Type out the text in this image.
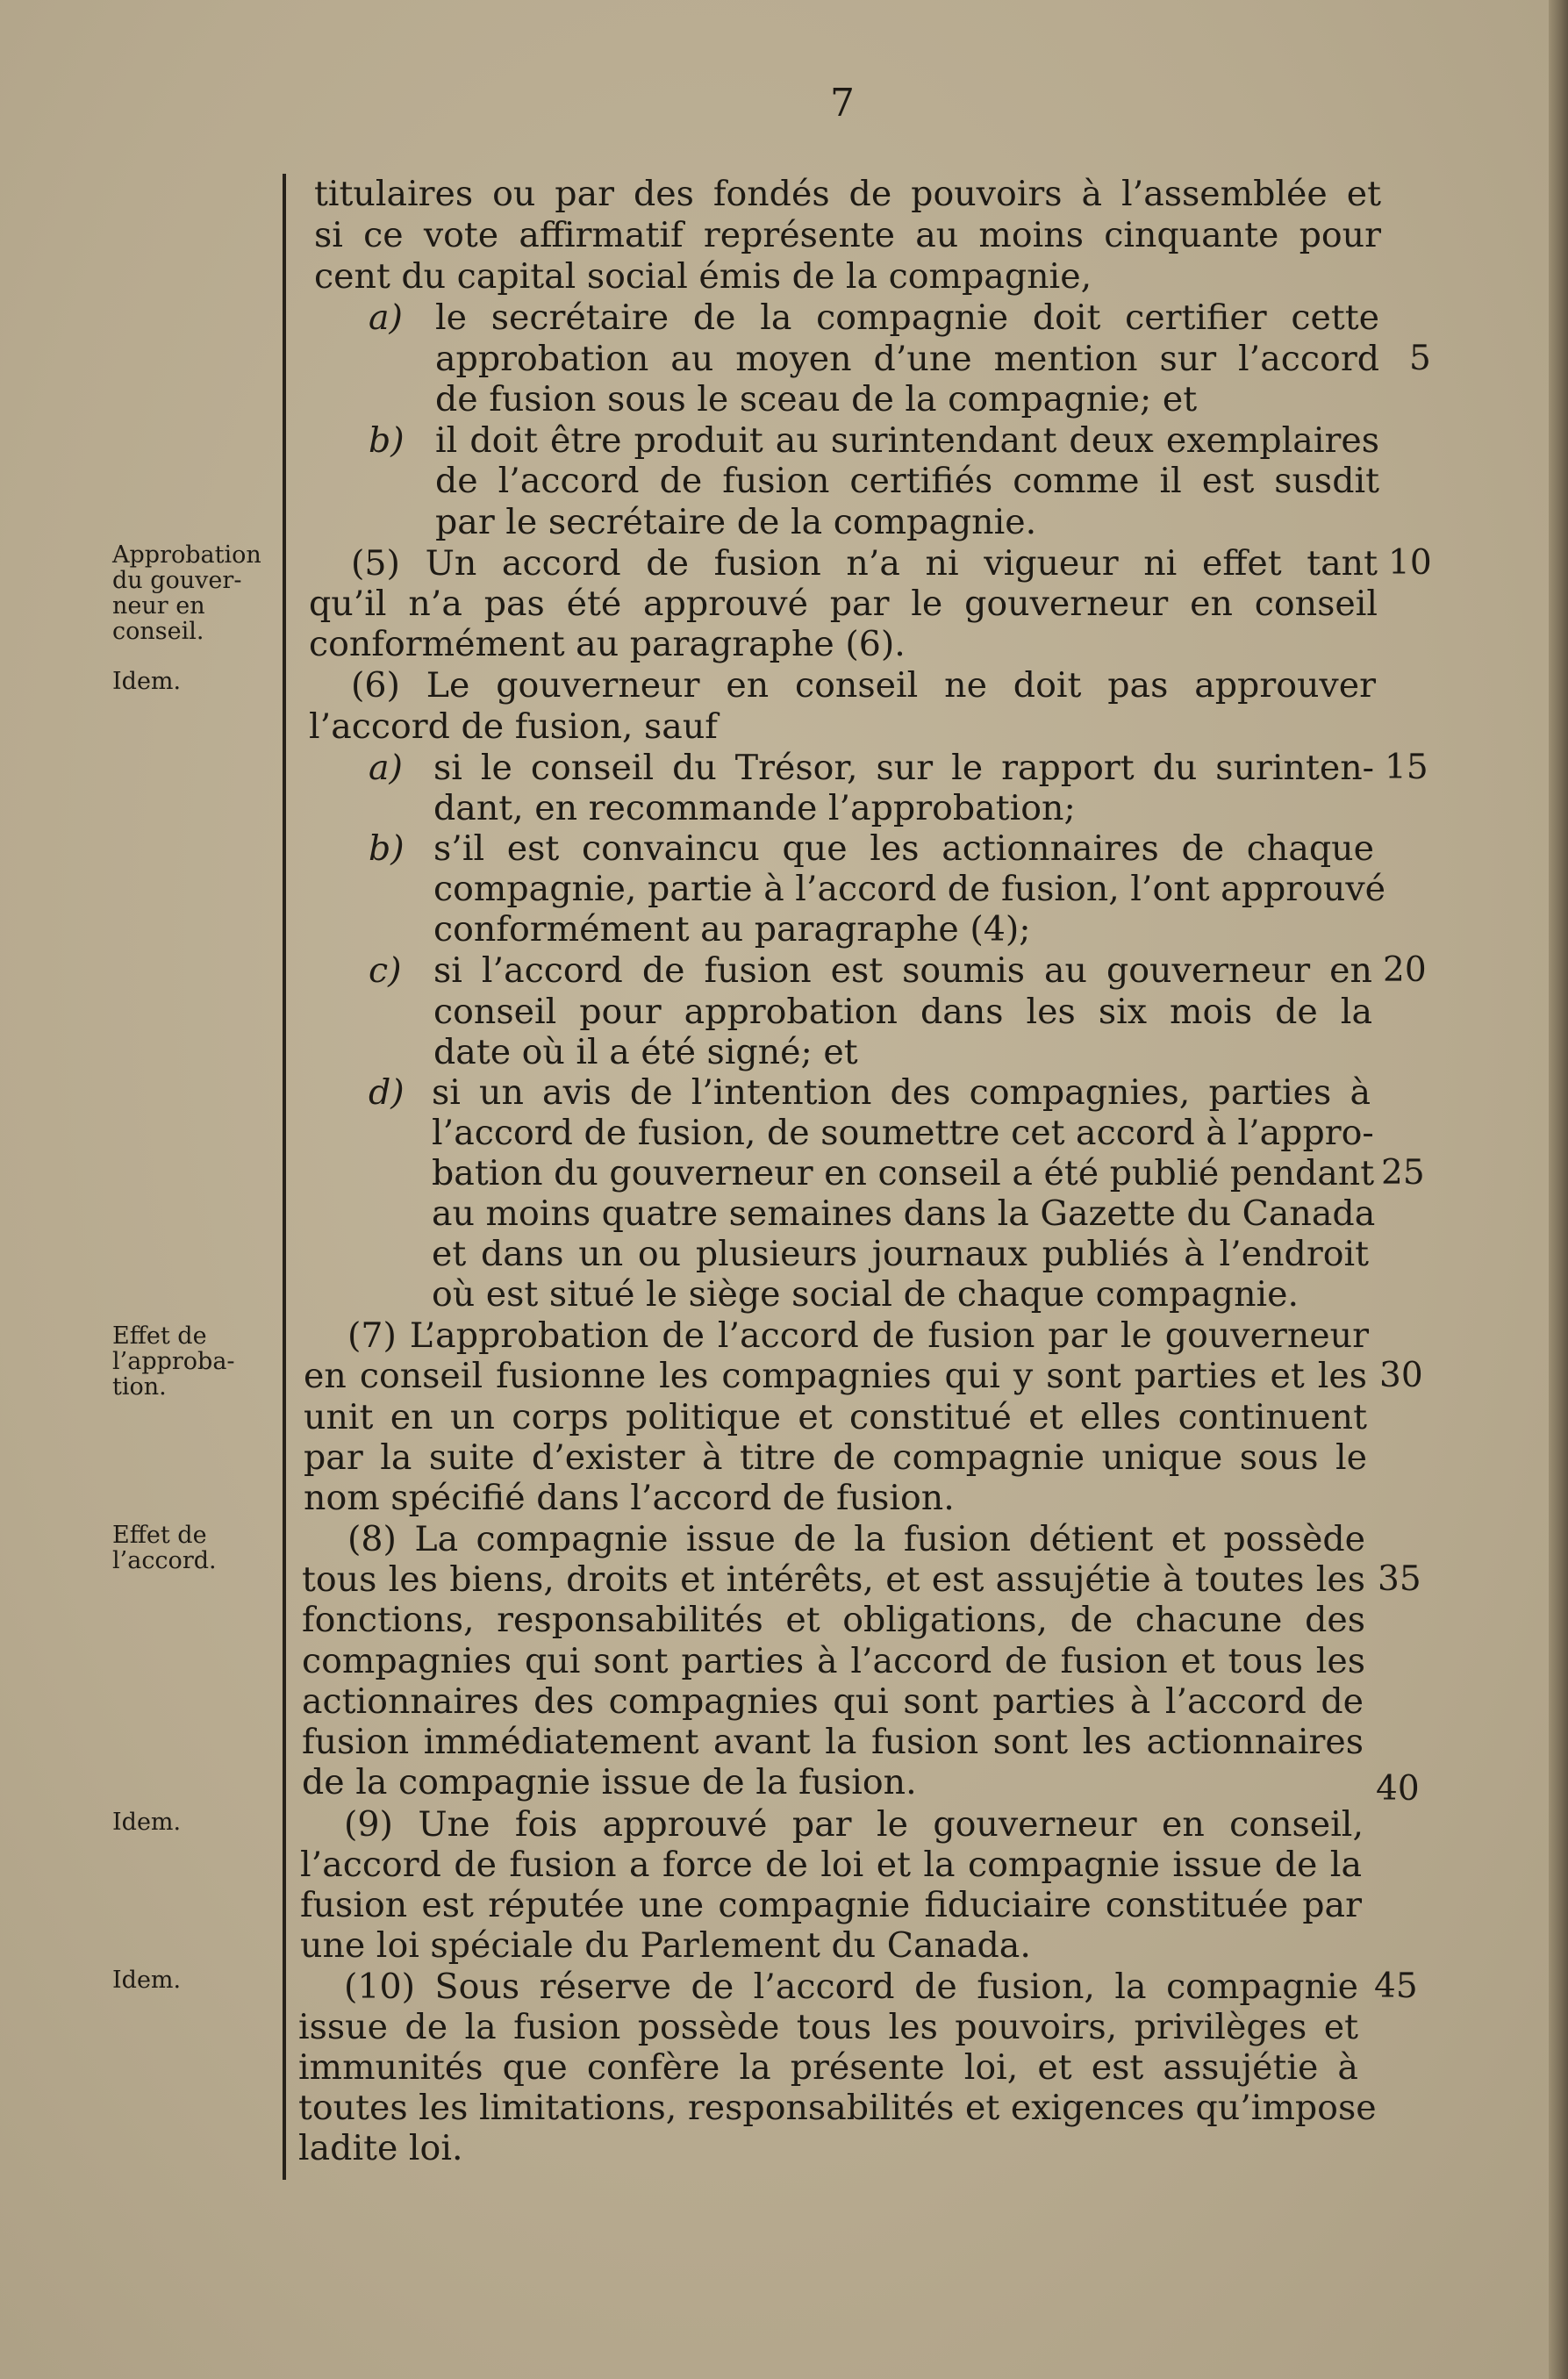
7
Approbation
du gouver-
neur en
conseil.
Idem.
Effet de
l’approba-
tion.
Effet de
l’accord.
Idem.
Idem.
titulaires ou par des fondés de pouvoirs à l’assemblée et
si ce vote affirmatif représente au moins cinquante pour
cent du capital social émis de la compagnie,
a) le secrétaire de la compagnie doit certifier cette
approbation au moyen d’une mention sur l’accord
de fusion sous le sceau de la compagnie; et
b) il doit être produit au surintendant deux exemplaires
de l’accord de fusion certifiés comme il est susdit
par le secrétaire de la compagnie.
(5) Un accord de fusion n’a ni vigueur ni effet tant
qu’il n’a pas été approuvé par le gouverneur en conseil
conformément au paragraphe (6).
(6) Le gouverneur en conseil ne doit pas approuver
l’accord de fusion, sauf
a) si le conseil du Trésor, sur le rapport du surinten-
dant, en recommande l’approbation;
b) s’il est convaincu que les actionnaires de chaque
compagnie, partie à l’accord de fusion, l’ont approuvé
conformément au paragraphe (4);
c) si l’accord de fusion est soumis au gouverneur en
conseil pour approbation dans les six mois de la
date où il a été signé; et
d) si un avis de l’intention des compagnies, parties à
l’accord de fusion, de soumettre cet accord à l’appro-
bation du gouverneur en conseil a été publié pendant
au moins quatre semaines dans la Gazette du Canada
et dans un ou plusieurs journaux publiés à l’endroit
où est situé le siège social de chaque compagnie.
(7) L’approbation de l’accord de fusion par le gouverneur
en conseil fusionne les compagnies qui y sont parties et les
unit en un corps politique et constitué et elles continuent
par la suite d’exister à titre de compagnie unique sous le
nom spécifié dans l’accord de fusion.
(8) La compagnie issue de la fusion détient et possède
tous les biens, droits et intérêts, et est assujétie à toutes les
fonctions, responsabilités et obligations, de chacune des
compagnies qui sont parties à l’accord de fusion et tous les
actionnaires des compagnies qui sont parties à l’accord de
fusion immédiatement avant la fusion sont les actionnaires
de la compagnie issue de la fusion.
(9) Une fois approuvé par le gouverneur en conseil,
l’accord de fusion a force de loi et la compagnie issue de la
fusion est réputée une compagnie fiduciaire constituée par
une loi spéciale du Parlement du Canada.
(10) Sous réserve de l’accord de fusion, la compagnie
issue de la fusion possède tous les pouvoirs, privilèges et
immunités que confère la présente loi, et est assujétie à
toutes les limitations, responsabilités et exigences qu’impose
ladite loi.
5
10
15
20
25
30
35
40
45
